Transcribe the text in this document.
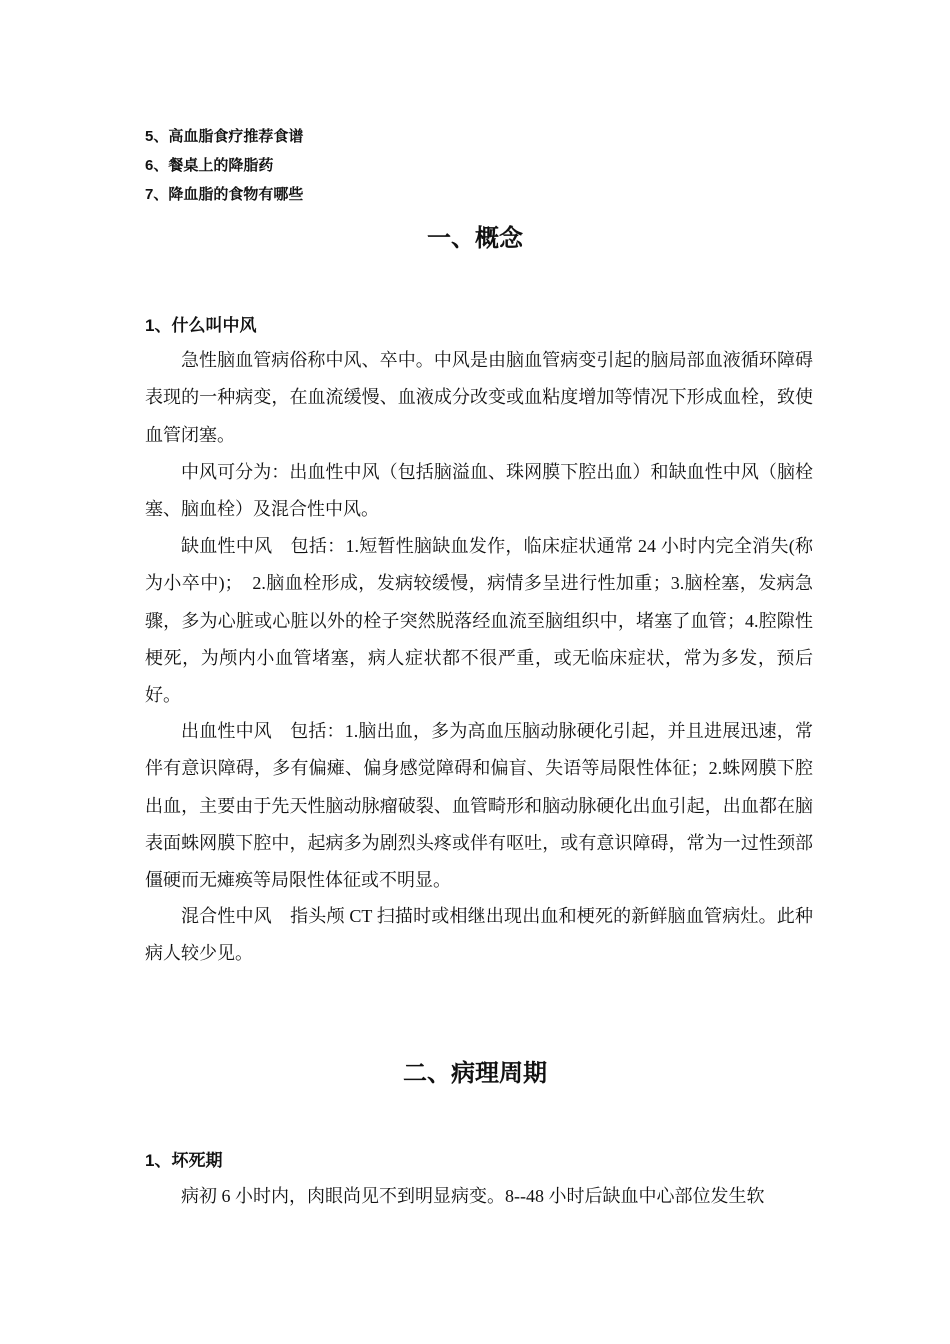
5、高血脂食疗推荐食谱

6、餐桌上的降脂药

7、降血脂的食物有哪些

一、概念
1、什么叫中风

急性脑血管病俗称中风、卒中。中风是由脑血管病变引起的脑局部血液循环障碍表现的一种病变，在血流缓慢、血液成分改变或血粘度增加等情况下形成血栓，致使血管闭塞。

中风可分为：出血性中风（包括脑溢血、珠网膜下腔出血）和缺血性中风（脑栓塞、脑血栓）及混合性中风。

缺血性中风　包括：1.短暂性脑缺血发作，临床症状通常 24 小时内完全消失(称为小卒中)；　2.脑血栓形成，发病较缓慢，病情多呈进行性加重；3.脑栓塞，发病急骤，多为心脏或心脏以外的栓子突然脱落经血流至脑组织中，堵塞了血管；4.腔隙性梗死，为颅内小血管堵塞，病人症状都不很严重，或无临床症状，常为多发，预后好。

出血性中风　包括：1.脑出血，多为高血压脑动脉硬化引起，并且进展迅速，常伴有意识障碍，多有偏瘫、偏身感觉障碍和偏盲、失语等局限性体征；2.蛛网膜下腔出血，主要由于先天性脑动脉瘤破裂、血管畸形和脑动脉硬化出血引起，出血都在脑表面蛛网膜下腔中，起病多为剧烈头疼或伴有呕吐，或有意识障碍，常为一过性颈部僵硬而无瘫痪等局限性体征或不明显。

混合性中风　指头颅 CT 扫描时或相继出现出血和梗死的新鲜脑血管病灶。此种病人较少见。

二、病理周期
1、坏死期

病初 6 小时内，肉眼尚见不到明显病变。8--48 小时后缺血中心部位发生软
